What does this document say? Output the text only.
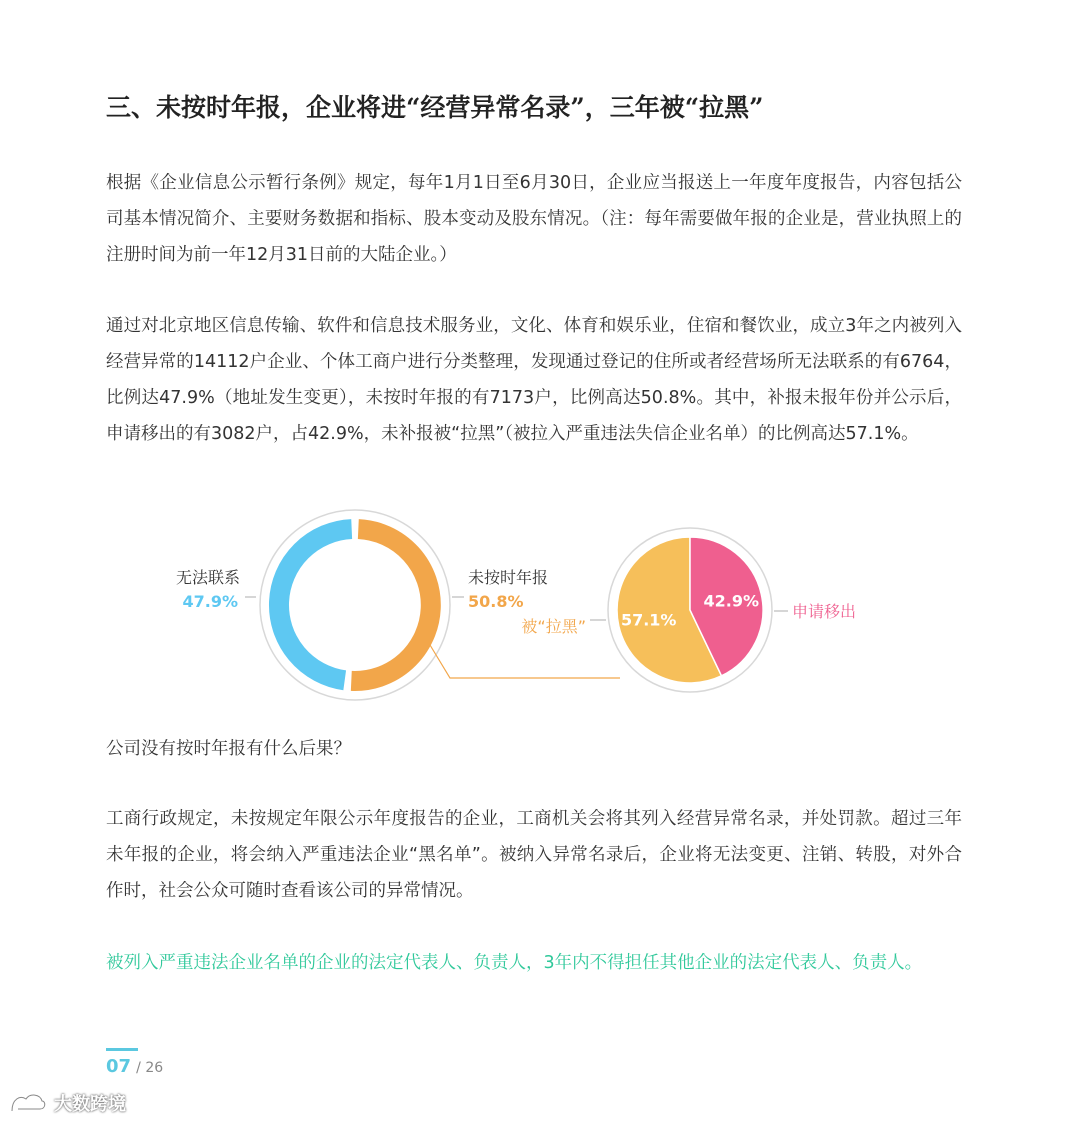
三、未按时年报，企业将进“经营异常名录”，三年被“拉黑”

根据《企业信息公示暂行条例》规定，每年1月1日至6月30日，企业应当报送上一年度年度报告，内容包括公司基本情况简介、主要财务数据和指标、股本变动及股东情况。（注：每年需要做年报的企业是，营业执照上的注册时间为前一年12月31日前的大陆企业。）

通过对北京地区信息传输、软件和信息技术服务业，文化、体育和娱乐业，住宿和餐饮业，成立3年之内被列入经营异常的14112户企业、个体工商户进行分类整理，发现通过登记的住所或者经营场所无法联系的有6764，比例达47.9%（地址发生变更），未按时年报的有7173户，比例高达50.8%。其中，补报未报年份并公示后，申请移出的有3082户，占42.9%，未补报被“拉黑”（被拉入严重违法失信企业名单）的比例高达57.1%。

无法联系
47.9%
未按时年报
50.8%
57.1%
42.9%
被“拉黑”
申请移出

公司没有按时年报有什么后果？

工商行政规定，未按规定年限公示年度报告的企业，工商机关会将其列入经营异常名录，并处罚款。超过三年未年报的企业，将会纳入严重违法企业“黑名单”。被纳入异常名录后，企业将无法变更、注销、转股，对外合作时，社会公众可随时查看该公司的异常情况。

被列入严重违法企业名单的企业的法定代表人、负责人，3年内不得担任其他企业的法定代表人、负责人。

07 / 26
大数跨境
